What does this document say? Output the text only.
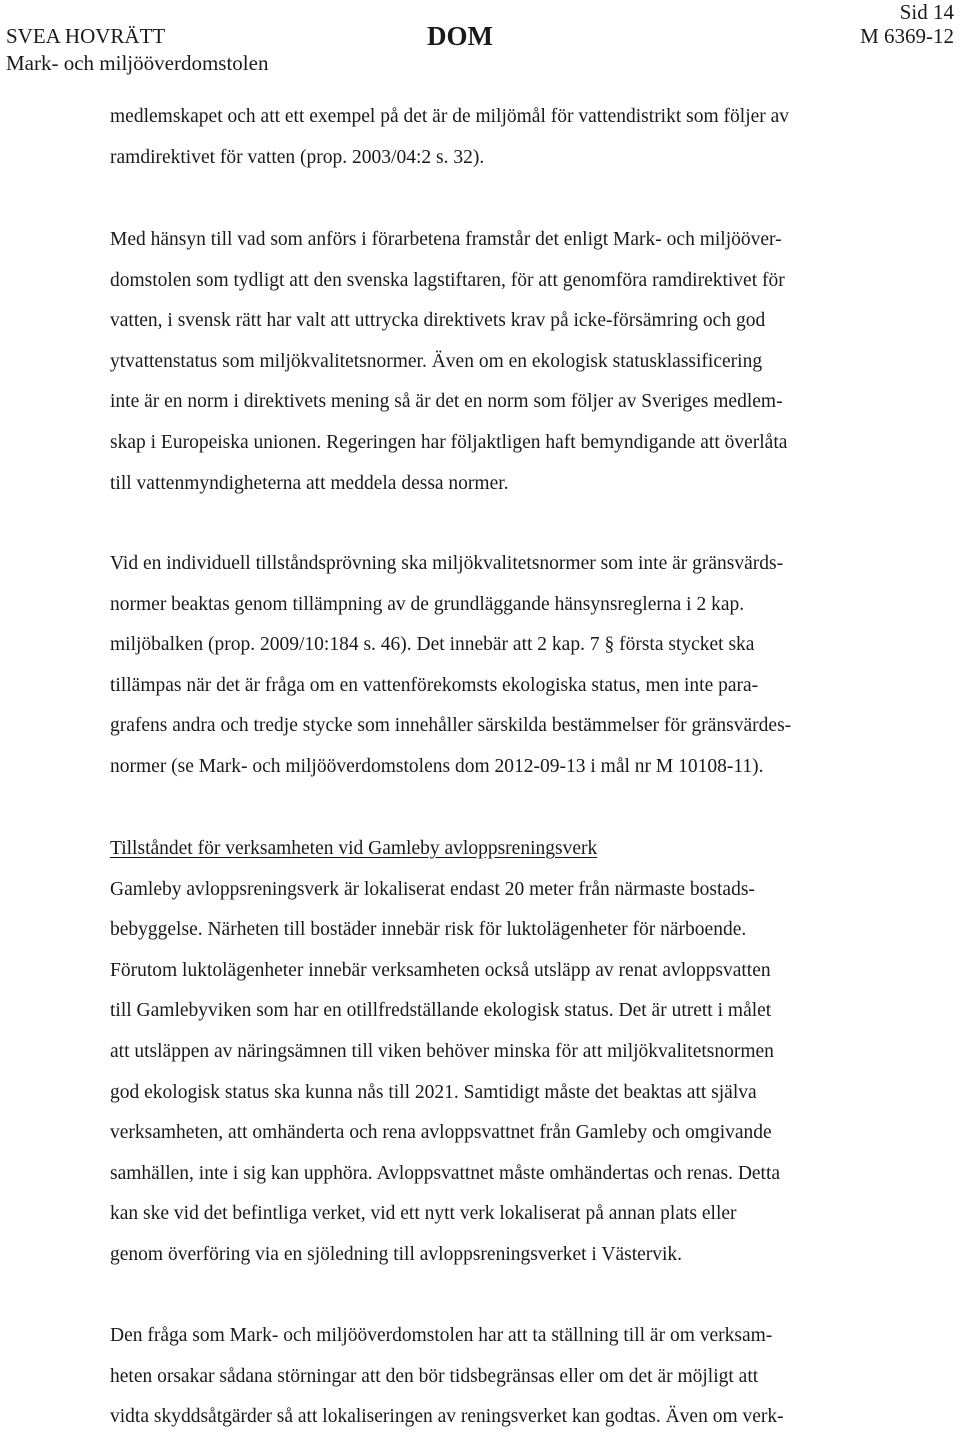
Sid 14
SVEA HOVRÄTT	DOM	M 6369-12
Mark- och miljööverdomstolen
medlemskapet och att ett exempel på det är de miljömål för vattendistrikt som följer av
ramdirektivet för vatten (prop. 2003/04:2 s. 32).
Med hänsyn till vad som anförs i förarbetena framstår det enligt Mark- och miljööver-
domstolen som tydligt att den svenska lagstiftaren, för att genomföra ramdirektivet för
vatten, i svensk rätt har valt att uttrycka direktivets krav på icke-försämring och god
ytvattenstatus som miljökvalitetsnormer. Även om en ekologisk statusklassificering
inte är en norm i direktivets mening så är det en norm som följer av Sveriges medlem-
skap i Europeiska unionen. Regeringen har följaktligen haft bemyndigande att överlåta
till vattenmyndigheterna att meddela dessa normer.
Vid en individuell tillståndsprövning ska miljökvalitetsnormer som inte är gränsvärds-
normer beaktas genom tillämpning av de grundläggande hänsynsreglerna i 2 kap.
miljöbalken (prop. 2009/10:184 s. 46). Det innebär att 2 kap. 7 § första stycket ska
tillämpas när det är fråga om en vattenförekomsts ekologiska status, men inte para-
grafens andra och tredje stycke som innehåller särskilda bestämmelser för gränsvärdes-
normer (se Mark- och miljööverdomstolens dom 2012-09-13 i mål nr M 10108-11).
Tillståndet för verksamheten vid Gamleby avloppsreningsverk
Gamleby avloppsreningsverk är lokaliserat endast 20 meter från närmaste bostads-
bebyggelse. Närheten till bostäder innebär risk för luktolägenheter för närboende.
Förutom luktolägenheter innebär verksamheten också utsläpp av renat avloppsvatten
till Gamlebyviken som har en otillfredställande ekologisk status. Det är utrett i målet
att utsläppen av näringsämnen till viken behöver minska för att miljökvalitetsnormen
god ekologisk status ska kunna nås till 2021. Samtidigt måste det beaktas att själva
verksamheten, att omhänderta och rena avloppsvattnet från Gamleby och omgivande
samhällen, inte i sig kan upphöra. Avloppsvattnet måste omhändertas och renas. Detta
kan ske vid det befintliga verket, vid ett nytt verk lokaliserat på annan plats eller
genom överföring via en sjöledning till avloppsreningsverket i Västervik.
Den fråga som Mark- och miljööverdomstolen har att ta ställning till är om verksam-
heten orsakar sådana störningar att den bör tidsbegränsas eller om det är möjligt att
vidta skyddsåtgärder så att lokaliseringen av reningsverket kan godtas. Även om verk-
